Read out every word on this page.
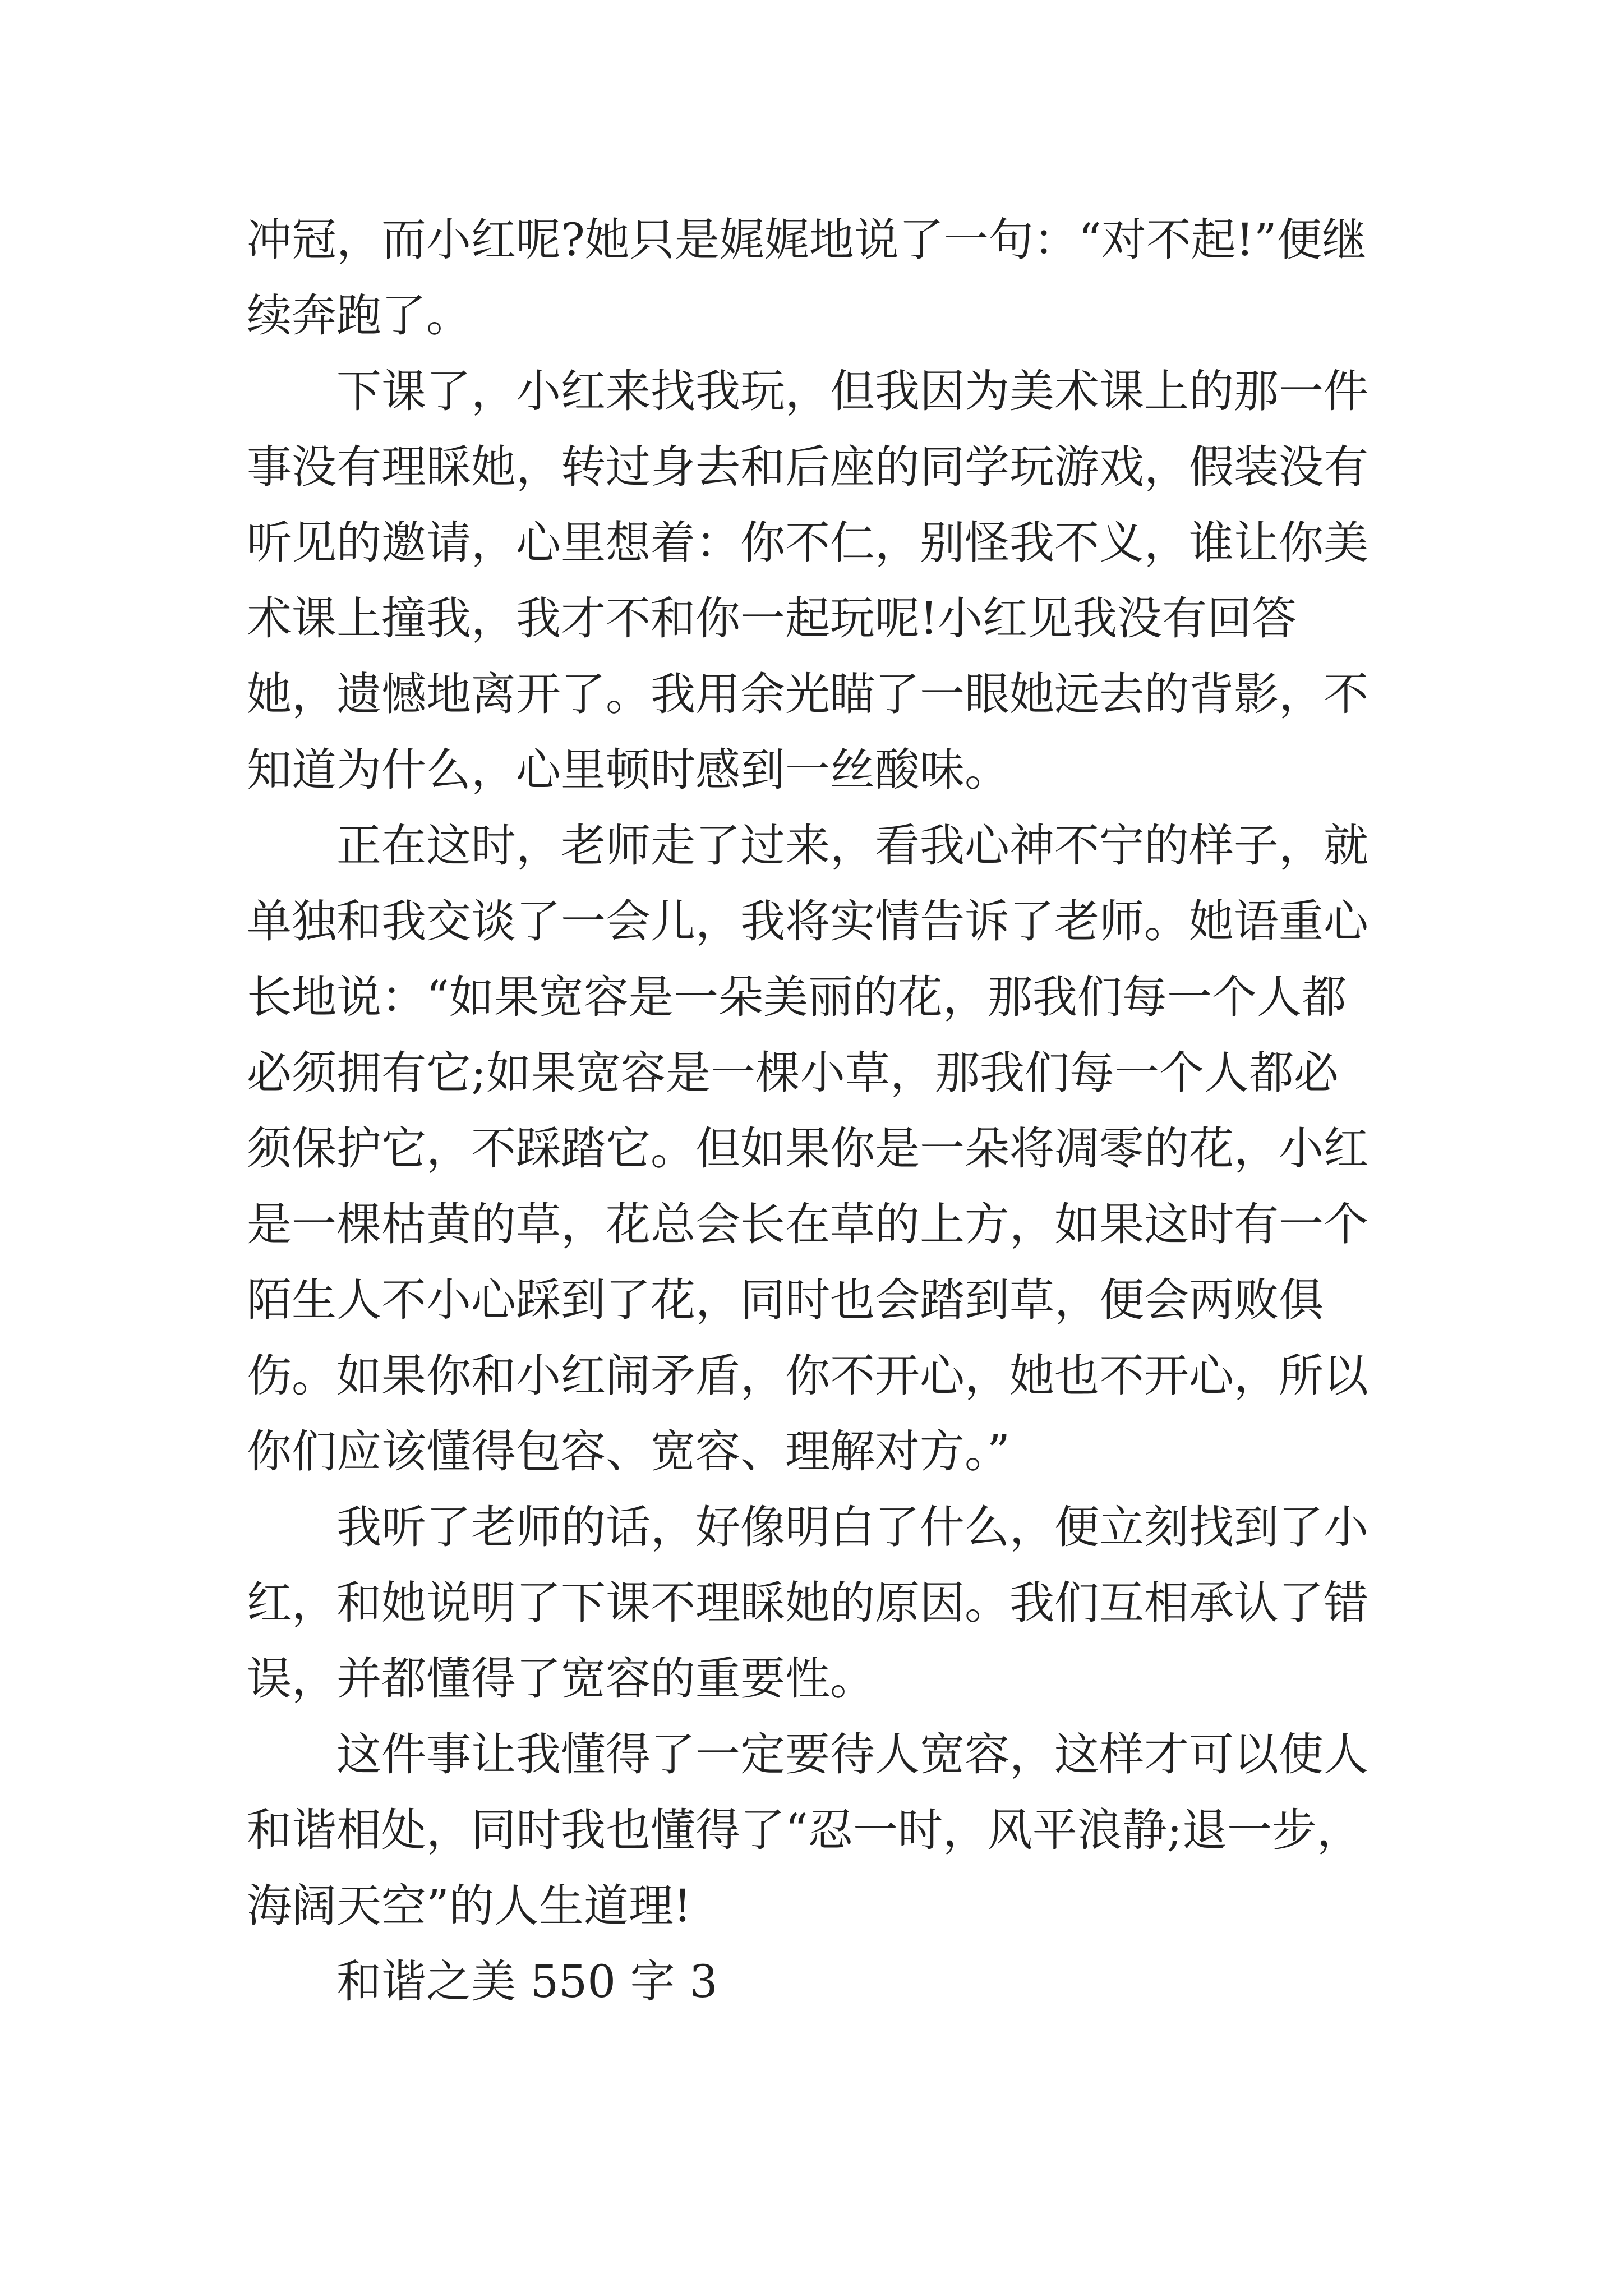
冲冠，而小红呢?她只是娓娓地说了一句：“对不起!”便继续奔跑了。

下课了，小红来找我玩，但我因为美术课上的那一件事没有理睬她，转过身去和后座的同学玩游戏，假装没有听见的邀请，心里想着：你不仁，别怪我不义，谁让你美术课上撞我，我才不和你一起玩呢!小红见我没有回答她，遗憾地离开了。我用余光瞄了一眼她远去的背影，不知道为什么，心里顿时感到一丝酸味。

正在这时，老师走了过来，看我心神不宁的样子，就单独和我交谈了一会儿，我将实情告诉了老师。她语重心长地说：“如果宽容是一朵美丽的花，那我们每一个人都必须拥有它;如果宽容是一棵小草，那我们每一个人都必须保护它，不踩踏它。但如果你是一朵将凋零的花，小红是一棵枯黄的草，花总会长在草的上方，如果这时有一个陌生人不小心踩到了花，同时也会踏到草，便会两败俱伤。如果你和小红闹矛盾，你不开心，她也不开心，所以你们应该懂得包容、宽容、理解对方。”

我听了老师的话，好像明白了什么，便立刻找到了小红，和她说明了下课不理睬她的原因。我们互相承认了错误，并都懂得了宽容的重要性。

这件事让我懂得了一定要待人宽容，这样才可以使人和谐相处，同时我也懂得了“忍一时，风平浪静;退一步，海阔天空”的人生道理!

和谐之美 550 字 3
